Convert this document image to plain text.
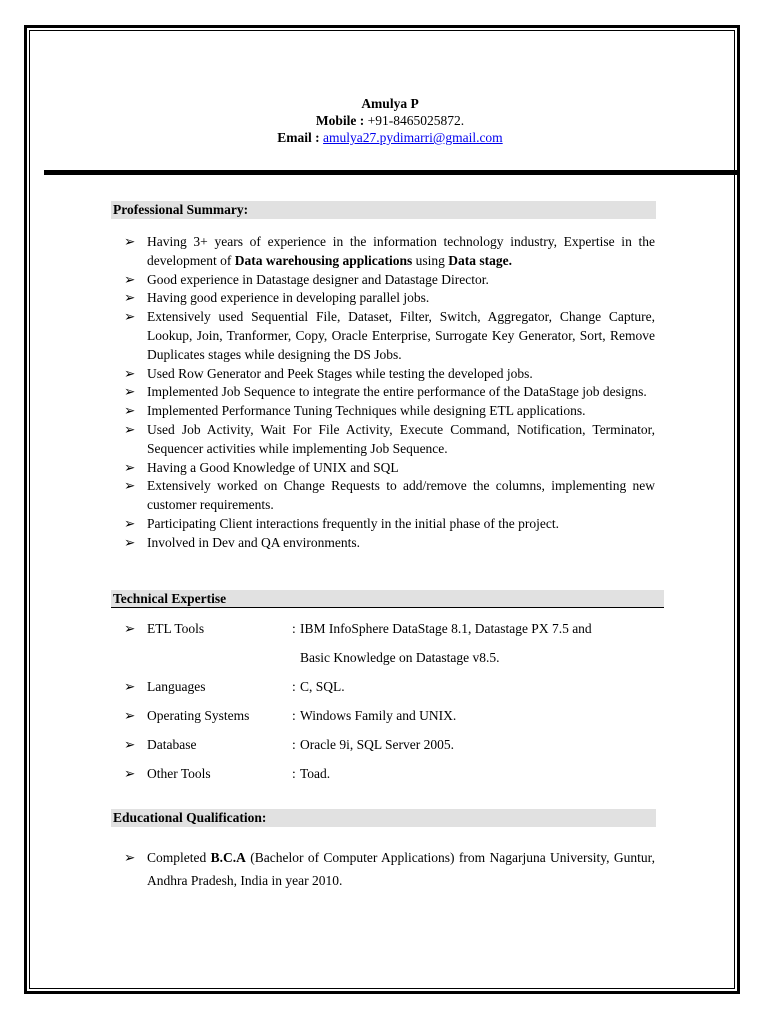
Amulya P
Mobile : +91-8465025872.
Email : amulya27.pydimarri@gmail.com
Professional Summary:
➢ Having 3+ years of experience in the information technology industry, Expertise in the development of Data warehousing applications using Data stage.
➢ Good experience in Datastage designer and Datastage Director.
➢ Having good experience in developing parallel jobs.
➢ Extensively used Sequential File, Dataset, Filter, Switch, Aggregator, Change Capture, Lookup, Join, Tranformer, Copy, Oracle Enterprise, Surrogate Key Generator, Sort, Remove Duplicates stages while designing the DS Jobs.
➢ Used Row Generator and Peek Stages while testing the developed jobs.
➢ Implemented Job Sequence to integrate the entire performance of the DataStage job designs.
➢ Implemented Performance Tuning Techniques while designing ETL applications.
➢ Used Job Activity, Wait For File Activity, Execute Command, Notification, Terminator, Sequencer activities while implementing Job Sequence.
➢ Having a Good Knowledge of UNIX and SQL
➢ Extensively worked on Change Requests to add/remove the columns, implementing new customer requirements.
➢ Participating Client interactions frequently in the initial phase of the project.
➢ Involved in Dev and QA environments.
Technical Expertise
➢ ETL Tools	: IBM InfoSphere DataStage 8.1, Datastage PX 7.5 and
Basic Knowledge on Datastage v8.5.
➢ Languages	: C, SQL.
➢ Operating Systems	: Windows Family and UNIX.
➢ Database	: Oracle 9i, SQL Server 2005.
➢ Other Tools	: Toad.
Educational Qualification:
➢ Completed B.C.A (Bachelor of Computer Applications) from Nagarjuna University, Guntur, Andhra Pradesh, India in year 2010.
